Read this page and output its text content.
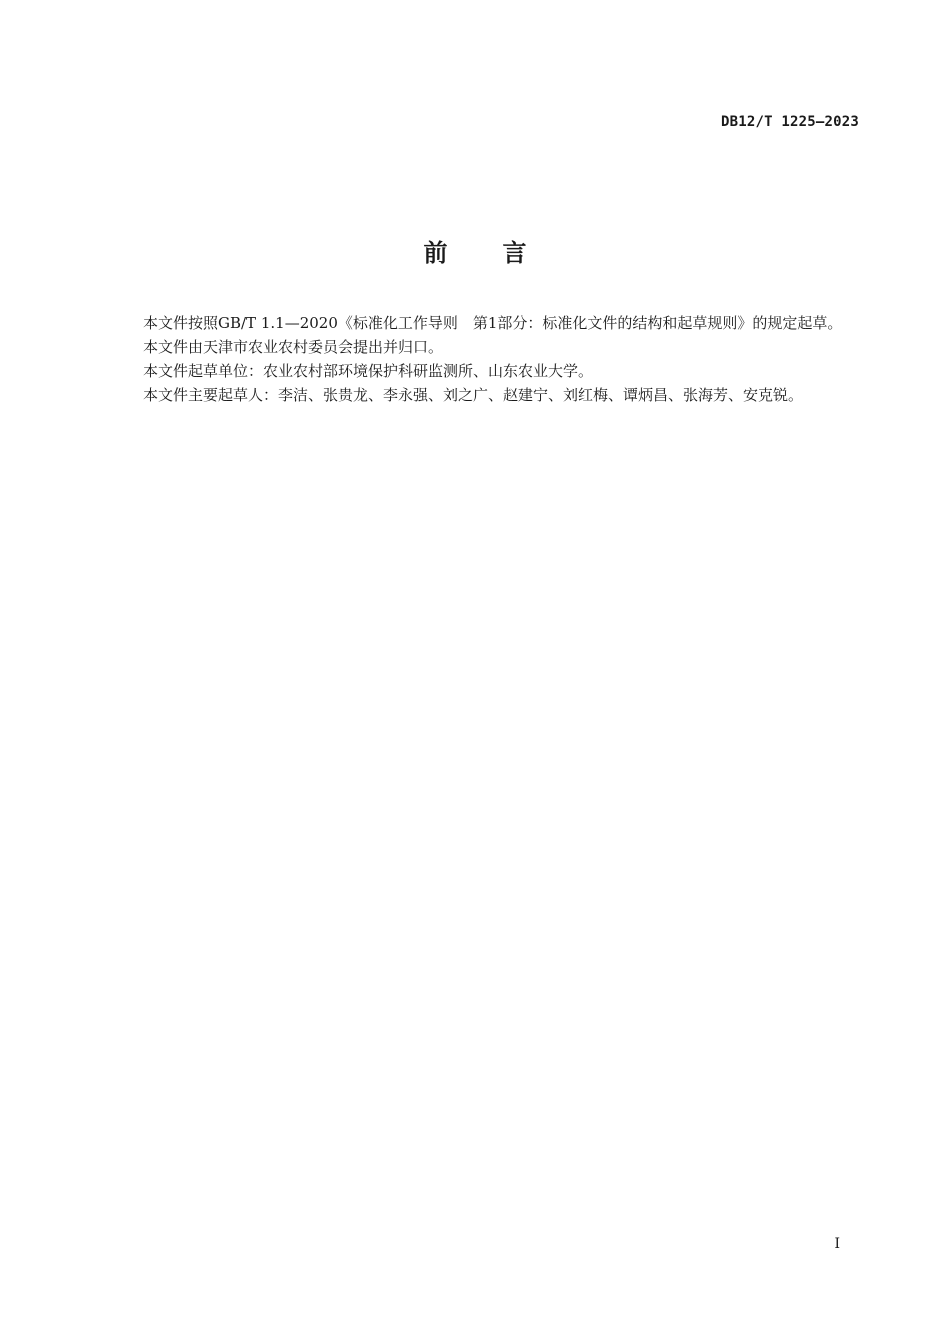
DB12/T 1225—2023
前言

本文件按照GB/T 1.1—2020《标准化工作导则　第1部分：标准化文件的结构和起草规则》的规定起草。

本文件由天津市农业农村委员会提出并归口。

本文件起草单位：农业农村部环境保护科研监测所、山东农业大学。

本文件主要起草人：李洁、张贵龙、李永强、刘之广、赵建宁、刘红梅、谭炳昌、张海芳、安克锐。

I
